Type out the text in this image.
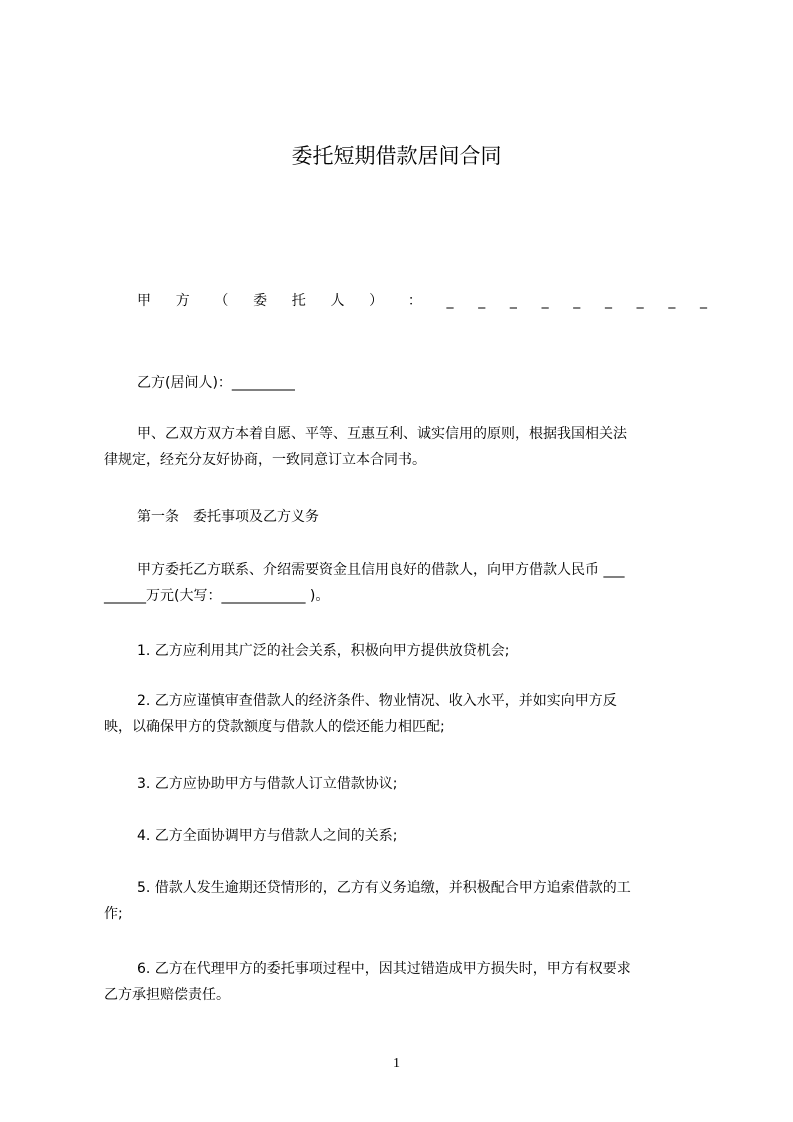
委托短期借款居间合同
甲 方 （ 委 托 人 ） ： _ _ _ _ _ _ _ _ _
乙方(居间人)：_________
甲、乙双方双方本着自愿、平等、互惠互利、诚实信用的原则，根据我国相关法
律规定，经充分友好协商，一致同意订立本合同书。
第一条　委托事项及乙方义务
甲方委托乙方联系、介绍需要资金且信用良好的借款人，向甲方借款人民币 ___
______万元(大写：____________ )。
1. 乙方应利用其广泛的社会关系，积极向甲方提供放贷机会;
2. 乙方应谨慎审查借款人的经济条件、物业情况、收入水平，并如实向甲方反
映，以确保甲方的贷款额度与借款人的偿还能力相匹配;
3. 乙方应协助甲方与借款人订立借款协议;
4. 乙方全面协调甲方与借款人之间的关系;
5. 借款人发生逾期还贷情形的，乙方有义务追缴，并积极配合甲方追索借款的工
作;
6. 乙方在代理甲方的委托事项过程中，因其过错造成甲方损失时，甲方有权要求
乙方承担赔偿责任。
1
